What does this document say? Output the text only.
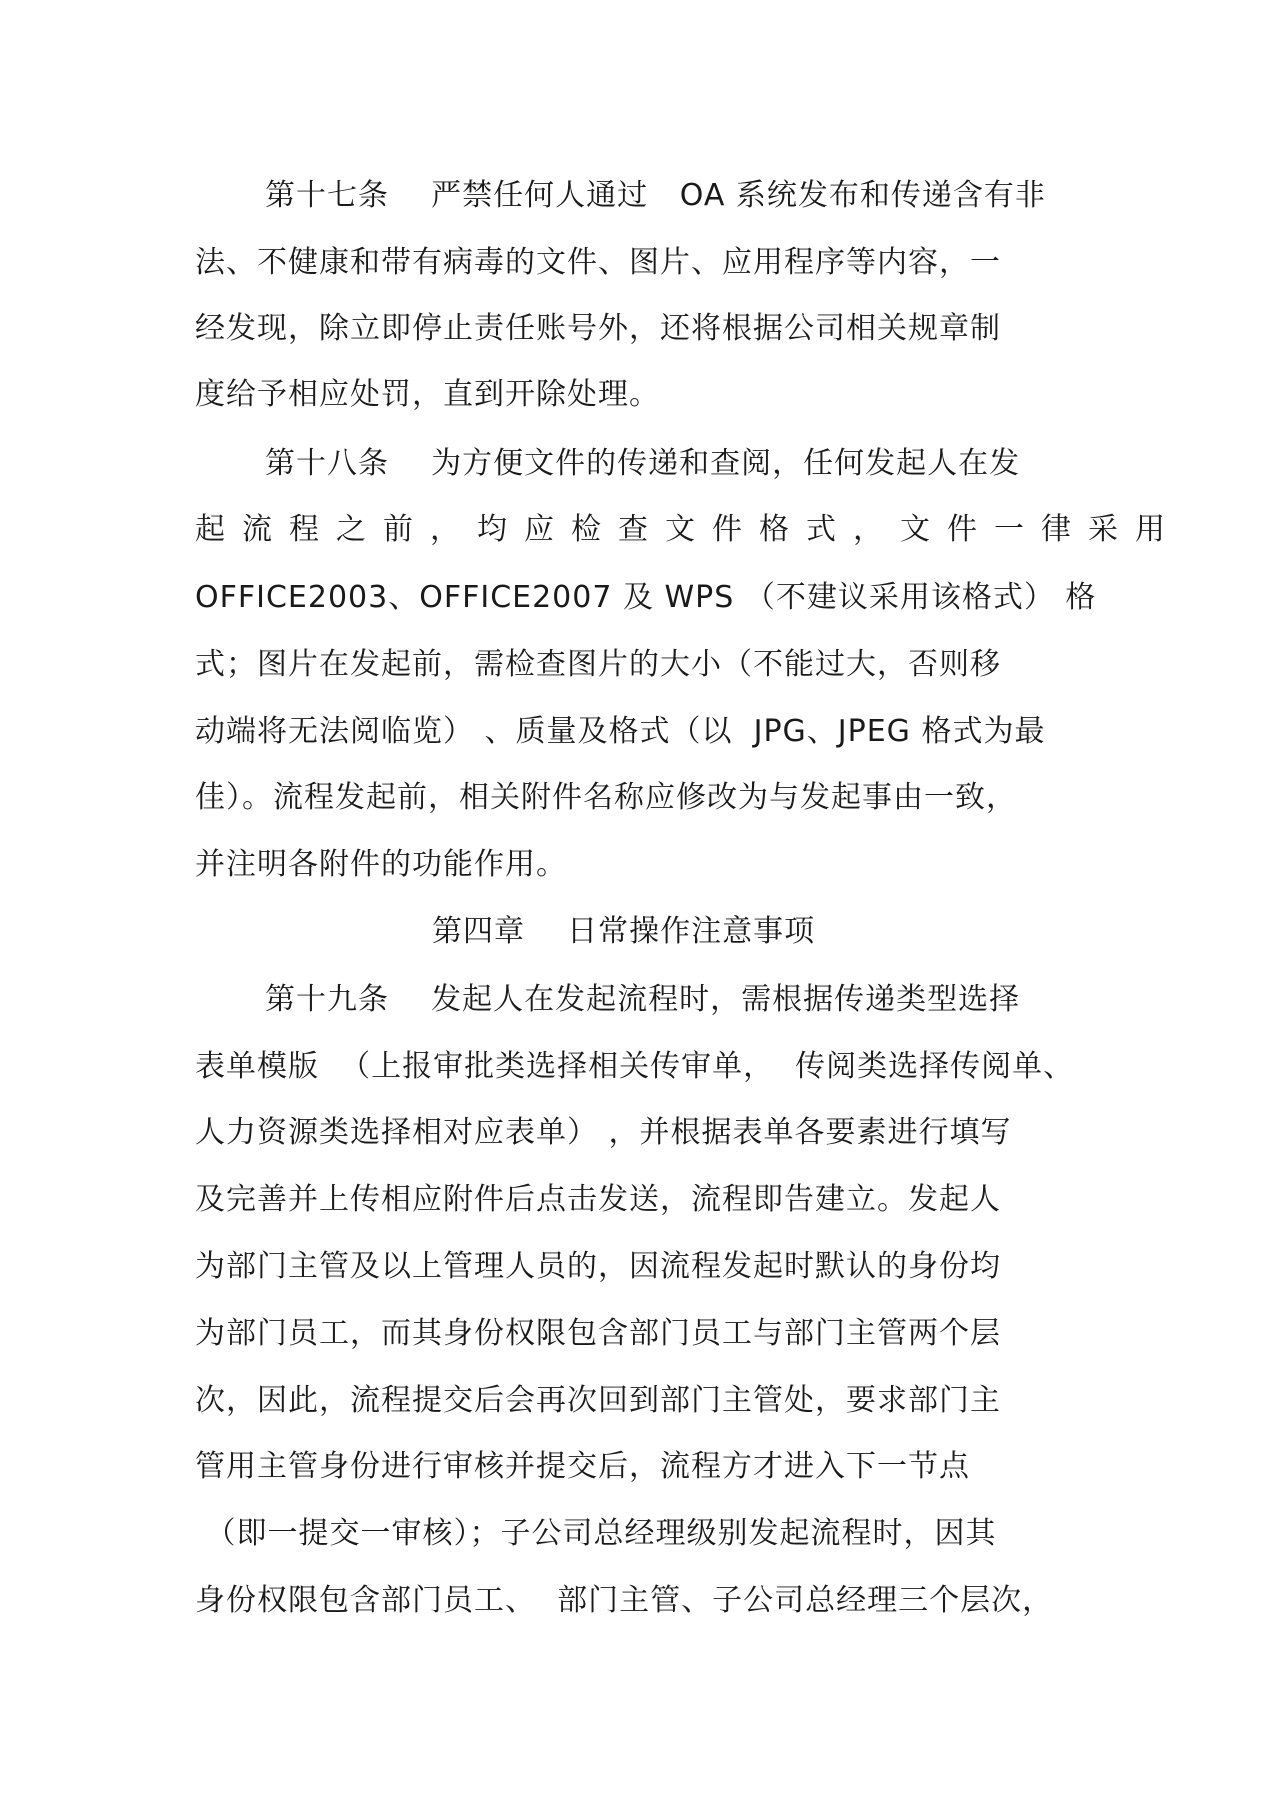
第十七条    严禁任何人通过   OA 系统发布和传递含有非
法、不健康和带有病毒的文件、图片、应用程序等内容，一
经发现，除立即停止责任账号外，还将根据公司相关规章制
度给予相应处罚，直到开除处理。
第十八条    为方便文件的传递和查阅，任何发起人在发
起流程之前，均应检查文件格式，文件一律采用
OFFICE2003、OFFICE2007 及 WPS （不建议采用该格式） 格
式；图片在发起前，需检查图片的大小（不能过大，否则移
动端将无法阅临览） 、质量及格式（以  JPG、JPEG 格式为最
佳）。流程发起前，相关附件名称应修改为与发起事由一致，
并注明各附件的功能作用。
第四章    日常操作注意事项
第十九条    发起人在发起流程时，需根据传递类型选择
表单模版  （上报审批类选择相关传审单，  传阅类选择传阅单、
人力资源类选择相对应表单） ，并根据表单各要素进行填写
及完善并上传相应附件后点击发送，流程即告建立。发起人
为部门主管及以上管理人员的，因流程发起时默认的身份均
为部门员工，而其身份权限包含部门员工与部门主管两个层
次，因此，流程提交后会再次回到部门主管处，要求部门主
管用主管身份进行审核并提交后，流程方才进入下一节点
（即一提交一审核）；子公司总经理级别发起流程时，因其
身份权限包含部门员工、  部门主管、子公司总经理三个层次，
